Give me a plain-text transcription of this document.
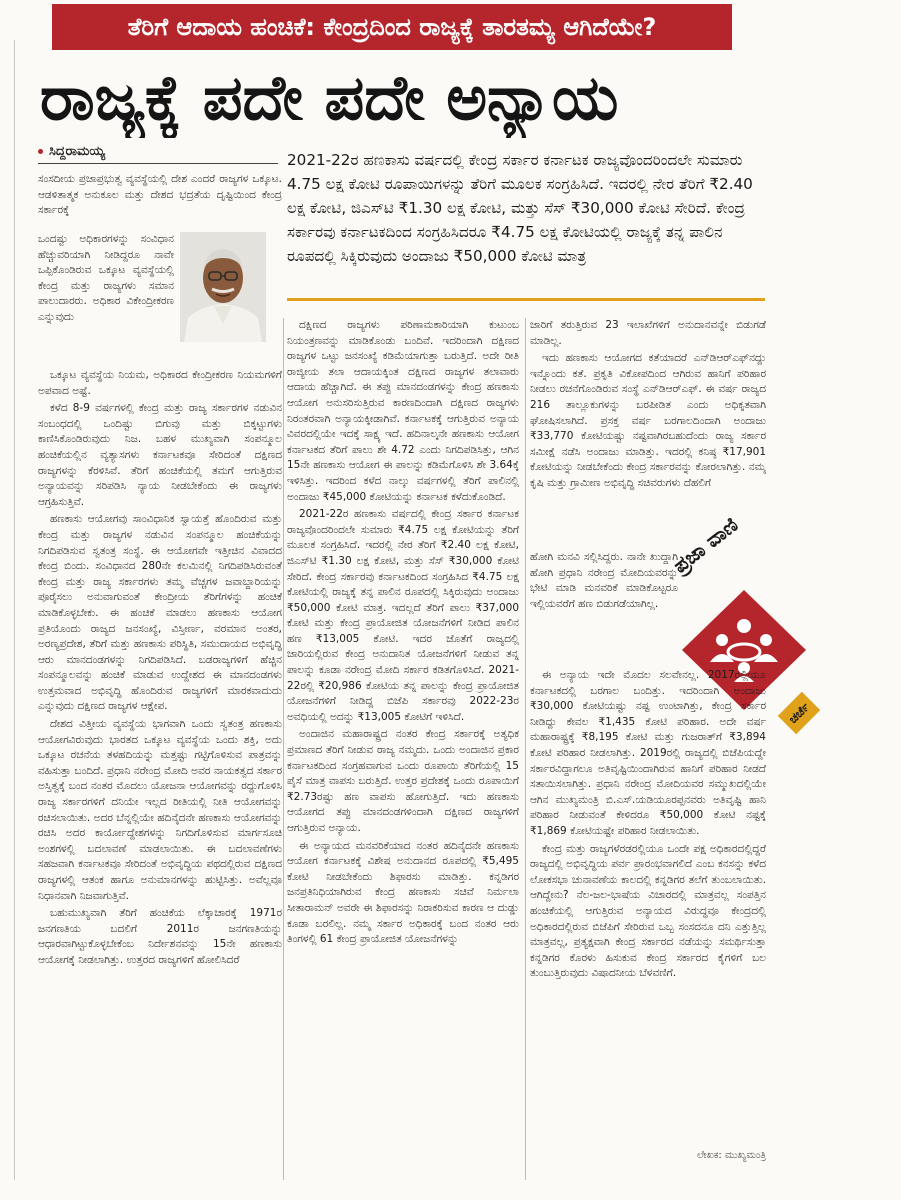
ತೆರಿಗೆ ಆದಾಯ ಹಂಚಿಕೆ: ಕೇಂದ್ರದಿಂದ ರಾಜ್ಯಕ್ಕೆ ತಾರತಮ್ಯ ಆಗಿದೆಯೇ?
ರಾಜ್ಯಕ್ಕೆ ಪದೇ ಪದೇ ಅನ್ಯಾಯ
ಸಿದ್ದರಾಮಯ್ಯ	2021-22ರ ಹಣಕಾಸು ವರ್ಷದಲ್ಲಿ ಕೇಂದ್ರ ಸರ್ಕಾರ ಕರ್ನಾಟಕ ರಾಜ್ಯವೊಂದರಿಂದಲೇ ಸುಮಾರು 4.75 ಲಕ್ಷ ಕೋಟಿ ರೂಪಾಯಿಗಳನ್ನು ತೆರಿಗೆ ಮೂಲಕ ಸಂಗ್ರಹಿಸಿದೆ. ಇದರಲ್ಲಿ ನೇರ ತೆರಿಗೆ ₹2.40 ಲಕ್ಷ ಕೋಟಿ, ಜಿಎಸ್‌ಟಿ ₹1.30 ಲಕ್ಷ ಕೋಟಿ, ಮತ್ತು ಸೆಸ್ ₹30,000 ಕೋಟಿ ಸೇರಿದೆ. ಕೇಂದ್ರ ಸರ್ಕಾರವು ಕರ್ನಾಟಕದಿಂದ ಸಂಗ್ರಹಿಸಿದರೂ ₹4.75 ಲಕ್ಷ ಕೋಟಿಯಲ್ಲಿ ರಾಜ್ಯಕ್ಕೆ ತನ್ನ ಪಾಲಿನ ರೂಪದಲ್ಲಿ ಸಿಕ್ಕಿರುವುದು ಅಂದಾಜು ₹50,000 ಕೋಟಿ ಮಾತ್ರ
ಸಂಸದೀಯ ಪ್ರಜಾಪ್ರಭುತ್ವ ವ್ಯವಸ್ಥೆಯಲ್ಲಿ ದೇಶ ಎಂದರೆ ರಾಜ್ಯಗಳ ಒಕ್ಕೂಟ. ಆಡಳಿತಾತ್ಮಕ ಅನುಕೂಲ ಮತ್ತು ದೇಶದ ಭದ್ರತೆಯ ದೃಷ್ಟಿಯಿಂದ ಕೇಂದ್ರ ಸರ್ಕಾರಕ್ಕೆ
ಒಂದಷ್ಟು ಅಧಿಕಾರಗಳನ್ನು ಸಂವಿಧಾನ ಹೆಚ್ಚುವರಿಯಾಗಿ ನೀಡಿದ್ದರೂ ನಾವೇ ಒಪ್ಪಿಕೊಂಡಿರುವ ಒಕ್ಕೂಟ ವ್ಯವಸ್ಥೆಯಲ್ಲಿ ಕೇಂದ್ರ ಮತ್ತು ರಾಜ್ಯಗಳು ಸಮಾನ ಪಾಲುದಾರರು. ಅಧಿಕಾರ ವಿಕೇಂದ್ರೀಕರಣ ಎನ್ನುವುದು

ಒಕ್ಕೂಟ ವ್ಯವಸ್ಥೆಯ ನಿಯಮ, ಅಧಿಕಾರದ ಕೇಂದ್ರೀಕರಣ ನಿಯಮಗಳಿಗೆ ಅಪವಾದ ಅಷ್ಟೆ.

ಕಳೆದ 8-9 ವರ್ಷಗಳಲ್ಲಿ ಕೇಂದ್ರ ಮತ್ತು ರಾಜ್ಯ ಸರ್ಕಾರಗಳ ನಡುವಿನ ಸಂಬಂಧದಲ್ಲಿ ಒಂದಿಷ್ಟು ಬಿಗುವು ಮತ್ತು ಬಿಕ್ಕಟ್ಟುಗಳು ಕಾಣಿಸಿಕೊಂಡಿರುವುದು ನಿಜ. ಬಹಳ ಮುಖ್ಯವಾಗಿ ಸಂಪನ್ಮೂಲ ಹಂಚಿಕೆಯಲ್ಲಿನ ವ್ಯತ್ಯಾಸಗಳು ಕರ್ನಾಟಕವೂ ಸೇರಿದಂತೆ ದಕ್ಷಿಣದ ರಾಜ್ಯಗಳನ್ನು ಕೆರಳಿಸಿವೆ. ತೆರಿಗೆ ಹಂಚಿಕೆಯಲ್ಲಿ ತಮಗೆ ಆಗುತ್ತಿರುವ ಅನ್ಯಾಯವನ್ನು ಸರಿಪಡಿಸಿ ನ್ಯಾಯ ನೀಡಬೇಕೆಂದು ಈ ರಾಜ್ಯಗಳು ಆಗ್ರಹಿಸುತ್ತಿವೆ.

ಹಣಕಾಸು ಆಯೋಗವು ಸಾಂವಿಧಾನಿಕ ಸ್ವಾಯತ್ತೆ ಹೊಂದಿರುವ ಮತ್ತು ಕೇಂದ್ರ ಮತ್ತು ರಾಜ್ಯಗಳ ನಡುವಿನ ಸಂಪನ್ಮೂಲ ಹಂಚಿಕೆಯನ್ನು ನಿಗದಿಪಡಿಸುವ ಸ್ವತಂತ್ರ ಸಂಸ್ಥೆ. ಈ ಆಯೋಗವೇ ಇತ್ತೀಚಿನ ವಿವಾದದ ಕೇಂದ್ರ ಬಿಂದು. ಸಂವಿಧಾನದ 280ನೇ ಕಲಮಿನಲ್ಲಿ ನಿಗದಿಪಡಿಸಿರುವಂತೆ ಕೇಂದ್ರ ಮತ್ತು ರಾಜ್ಯ ಸರ್ಕಾರಗಳು ತಮ್ಮ ವೆಚ್ಚಗಳ ಜವಾಬ್ದಾರಿಯನ್ನು ಪೂರೈಸಲು ಅನುವಾಗುವಂತೆ ಕೇಂದ್ರೀಯ ತೆರಿಗೆಗಳನ್ನು ಹಂಚಿಕೆ ಮಾಡಿಕೊಳ್ಳಬೇಕು. ಈ ಹಂಚಿಕೆ ಮಾಡಲು ಹಣಕಾಸು ಆಯೋಗ ಪ್ರತಿಯೊಂದು ರಾಜ್ಯದ ಜನಸಂಖ್ಯೆ, ವಿಸ್ತೀರ್ಣ, ವರಮಾನ ಅಂತರ, ಅರಣ್ಯಪ್ರದೇಶ, ತೆರಿಗೆ ಮತ್ತು ಹಣಕಾಸು ಪರಿಸ್ಥಿತಿ, ಸಮುದಾಯದ ಅಭಿವೃದ್ಧಿ ಆರು ಮಾನದಂಡಗಳನ್ನು ನಿಗದಿಪಡಿಸಿದೆ. ಬಡರಾಜ್ಯಗಳಿಗೆ ಹೆಚ್ಚಿನ ಸಂಪನ್ಮೂಲವನ್ನು ಹಂಚಿಕೆ ಮಾಡುವ ಉದ್ದೇಶದ ಈ ಮಾನದಂಡಗಳು ಉತ್ತಮವಾದ ಅಭಿವೃದ್ಧಿ ಹೊಂದಿರುವ ರಾಜ್ಯಗಳಿಗೆ ಮಾರಕವಾದುದು ಎನ್ನುವುದು ದಕ್ಷಿಣದ ರಾಜ್ಯಗಳ ಆಕ್ಷೇಪ.

ದೇಶದ ವಿತ್ತೀಯ ವ್ಯವಸ್ಥೆಯ ಭಾಗವಾಗಿ ಒಂದು ಸ್ವತಂತ್ರ ಹಣಕಾಸು ಆಯೋಗವಿರುವುದು ಭಾರತದ ಒಕ್ಕೂಟ ವ್ಯವಸ್ಥೆಯ ಒಂದು ಶಕ್ತಿ, ಅದು ಒಕ್ಕೂಟ ರಚನೆಯ ತಳಹದಿಯನ್ನು ಮತ್ತಷ್ಟು ಗಟ್ಟಿಗೊಳಿಸುವ ಪಾತ್ರವನ್ನು ವಹಿಸುತ್ತಾ ಬಂದಿದೆ. ಪ್ರಧಾನಿ ನರೇಂದ್ರ ಮೋದಿ ಅವರ ನಾಯಕತ್ವದ ಸರ್ಕಾರ ಅಸ್ತಿತ್ವಕ್ಕೆ ಬಂದ ನಂತರ ಮೊದಲು ಯೋಜನಾ ಆಯೋಗವನ್ನು ರದ್ದುಗೊಳಿಸಿ ರಾಜ್ಯ ಸರ್ಕಾರಗಳಿಗೆ ದನಿಯೇ ಇಲ್ಲದ ರೀತಿಯಲ್ಲಿ ನೀತಿ ಆಯೋಗವನ್ನು ರಚಿಸಲಾಯಿತು. ಅದರ ಬೆನ್ನಲ್ಲಿಯೇ ಹದಿನೈದನೇ ಹಣಕಾಸು ಆಯೋಗವನ್ನು ರಚಿಸಿ ಅದರ ಕಾರ್ಯೋದ್ದೇಶಗಳನ್ನು ನಿಗದಿಗೊಳಿಸುವ ಮಾರ್ಗಸೂಚಿ ಅಂಶಗಳಲ್ಲಿ ಬದಲಾವಣೆ ಮಾಡಲಾಯಿತು. ಈ ಬದಲಾವಣೆಗಳು ಸಹಜವಾಗಿ ಕರ್ನಾಟಕವೂ ಸೇರಿದಂತೆ ಅಭಿವೃದ್ಧಿಯ ಪಥದಲ್ಲಿರುವ ದಕ್ಷಿಣದ ರಾಜ್ಯಗಳಲ್ಲಿ ಆತಂಕ ಹಾಗೂ ಅನುಮಾನಗಳನ್ನು ಹುಟ್ಟಿಸಿತ್ತು. ಅವೆಲ್ಲವೂ ನಿಧಾನವಾಗಿ ನಿಜವಾಗುತ್ತಿವೆ.

ಬಹುಮುಖ್ಯವಾಗಿ ತೆರಿಗೆ ಹಂಚಿಕೆಯ ಲೆಕ್ಕಾಚಾರಕ್ಕೆ 1971ರ ಜನಗಣತಿಯ ಬದಲಿಗೆ 2011ರ ಜನಗಣತಿಯನ್ನು ಆಧಾರವಾಗಿಟ್ಟುಕೊಳ್ಳಬೇಕೆಂಬ ನಿರ್ದೇಶನವನ್ನು 15ನೇ ಹಣಕಾಸು ಆಯೋಗಕ್ಕೆ ನೀಡಲಾಗಿತ್ತು. ಉತ್ತರದ ರಾಜ್ಯಗಳಿಗೆ ಹೋಲಿಸಿದರೆ

ದಕ್ಷಿಣದ ರಾಜ್ಯಗಳು ಪರಿಣಾಮಕಾರಿಯಾಗಿ ಕುಟುಂಬ ನಿಯಂತ್ರಣವನ್ನು ಮಾಡಿಕೊಂಡು ಬಂದಿವೆ. ಇದರಿಂದಾಗಿ ದಕ್ಷಿಣದ ರಾಜ್ಯಗಳ ಒಟ್ಟು ಜನಸಂಖ್ಯೆ ಕಡಿಮೆಯಾಗುತ್ತಾ ಬರುತ್ತಿದೆ. ಅದೇ ರೀತಿ ರಾಜ್ಯೀಯ ತಲಾ ಆದಾಯಕ್ಕಿಂತ ದಕ್ಷಿಣದ ರಾಜ್ಯಗಳ ತಲಾವಾರು ಆದಾಯ ಹೆಚ್ಚಾಗಿದೆ. ಈ ತಪ್ಪು ಮಾನದಂಡಗಳನ್ನು ಕೇಂದ್ರ ಹಣಕಾಸು ಆಯೋಗ ಅನುಸರಿಸುತ್ತಿರುವ ಕಾರಣದಿಂದಾಗಿ ದಕ್ಷಿಣದ ರಾಜ್ಯಗಳು ನಿರಂತರವಾಗಿ ಅನ್ಯಾಯಕ್ಕೀಡಾಗಿವೆ. ಕರ್ನಾಟಕಕ್ಕೆ ಆಗುತ್ತಿರುವ ಅನ್ಯಾಯ ವಿವರದಲ್ಲಿಯೇ ಇದಕ್ಕೆ ಸಾಕ್ಷ್ಯ ಇದೆ. ಹದಿನಾಲ್ಕನೇ ಹಣಕಾಸು ಆಯೋಗ ಕರ್ನಾಟಕದ ತೆರಿಗೆ ಪಾಲು ಶೇ 4.72 ಎಂದು ನಿಗದಿಪಡಿಸಿತ್ತು, ಆಗಿನ 15ನೇ ಹಣಕಾಸು ಆಯೋಗ ಈ ಪಾಲನ್ನು ಕಡಿಮೆಗೊಳಿಸಿ ಶೇ 3.64ಕ್ಕೆ ಇಳಿಸಿತ್ತು. ಇದರಿಂದ ಕಳೆದ ನಾಲ್ಕು ವರ್ಷಗಳಲ್ಲಿ ತೆರಿಗೆ ಪಾಲಿನಲ್ಲಿ ಅಂದಾಜು ₹45,000 ಕೋಟಿಯನ್ನು ಕರ್ನಾಟಕ ಕಳೆದುಕೊಂಡಿದೆ.

2021-22ರ ಹಣಕಾಸು ವರ್ಷದಲ್ಲಿ ಕೇಂದ್ರ ಸರ್ಕಾರ ಕರ್ನಾಟಕ ರಾಜ್ಯವೊಂದರಿಂದಲೇ ಸುಮಾರು ₹4.75 ಲಕ್ಷ ಕೋಟಿಯನ್ನು ತೆರಿಗೆ ಮೂಲಕ ಸಂಗ್ರಹಿಸಿದೆ. ಇದರಲ್ಲಿ ನೇರ ತೆರಿಗೆ ₹2.40 ಲಕ್ಷ ಕೋಟಿ, ಜಿಎಸ್‌ಟಿ ₹1.30 ಲಕ್ಷ ಕೋಟಿ, ಮತ್ತು ಸೆಸ್ ₹30,000 ಕೋಟಿ ಸೇರಿದೆ. ಕೇಂದ್ರ ಸರ್ಕಾರವು ಕರ್ನಾಟಕದಿಂದ ಸಂಗ್ರಹಿಸಿದ ₹4.75 ಲಕ್ಷ ಕೋಟಿಯಲ್ಲಿ ರಾಜ್ಯಕ್ಕೆ ತನ್ನ ಪಾಲಿನ ರೂಪದಲ್ಲಿ ಸಿಕ್ಕಿರುವುದು ಅಂದಾಜು ₹50,000 ಕೋಟಿ ಮಾತ್ರ. ಇದಲ್ಲದೆ ತೆರಿಗೆ ಪಾಲು ₹37,000 ಕೋಟಿ ಮತ್ತು ಕೇಂದ್ರ ಪ್ರಾಯೋಜಿತ ಯೋಜನೆಗಳಿಗೆ ನೀಡಿದ ಪಾಲಿನ ಹಣ ₹13,005 ಕೋಟಿ. ಇದರ ಜೊತೆಗೆ ರಾಜ್ಯದಲ್ಲಿ ಜಾರಿಯಲ್ಲಿರುವ ಕೇಂದ್ರ ಅನುದಾನಿತ ಯೋಜನೆಗಳಿಗೆ ನೀಡುವ ತನ್ನ ಪಾಲನ್ನು ಕೂಡಾ ನರೇಂದ್ರ ಮೋದಿ ಸರ್ಕಾರ ಕಡಿತಗೊಳಿಸಿದೆ. 2021-22ರಲ್ಲಿ ₹20,986 ಕೋಟಿಯ ತನ್ನ ಪಾಲನ್ನು ಕೇಂದ್ರ ಪ್ರಾಯೋಜಿತ ಯೋಜನೆಗಳಿಗೆ ನೀಡಿದ್ದ ಬಿಜೆಪಿ ಸರ್ಕಾರವು 2022-23ರ ಅವಧಿಯಲ್ಲಿ ಅದನ್ನು ₹13,005 ಕೋಟಿಗೆ ಇಳಿಸಿದೆ.

ಅಂದಾಜಿನ ಮಹಾರಾಷ್ಟ್ರದ ನಂತರ ಕೇಂದ್ರ ಸರ್ಕಾರಕ್ಕೆ ಅತ್ಯಧಿಕ ಪ್ರಮಾಣದ ತೆರಿಗೆ ನೀಡುವ ರಾಜ್ಯ ನಮ್ಮದು. ಒಂದು ಅಂದಾಜಿನ ಪ್ರಕಾರ ಕರ್ನಾಟಕದಿಂದ ಸಂಗ್ರಹವಾಗುವ ಒಂದು ರೂಪಾಯಿ ತೆರಿಗೆಯಲ್ಲಿ 15 ಪೈಸೆ ಮಾತ್ರ ವಾಪಸು ಬರುತ್ತಿದೆ. ಉತ್ತರ ಪ್ರದೇಶಕ್ಕೆ ಒಂದು ರೂಪಾಯಿಗೆ ₹2.73ರಷ್ಟು ಹಣ ವಾಪಸು ಹೋಗುತ್ತಿದೆ. ಇದು ಹಣಕಾಸು ಆಯೋಗದ ತಪ್ಪು ಮಾನದಂಡಗಳಿಂದಾಗಿ ದಕ್ಷಿಣದ ರಾಜ್ಯಗಳಿಗೆ ಆಗುತ್ತಿರುವ ಅನ್ಯಾಯ.

ಈ ಅನ್ಯಾಯದ ಮನವರಿಕೆಯಾದ ನಂತರ ಹದಿನೈದನೇ ಹಣಕಾಸು ಆಯೋಗ ಕರ್ನಾಟಕಕ್ಕೆ ವಿಶೇಷ ಅನುದಾನದ ರೂಪದಲ್ಲಿ ₹5,495 ಕೋಟಿ ನೀಡಬೇಕೆಂದು ಶಿಫಾರಸು ಮಾಡಿತ್ತು. ಕನ್ನಡಿಗರ ಜನಪ್ರತಿನಿಧಿಯಾಗಿರುವ ಕೇಂದ್ರ ಹಣಕಾಸು ಸಚಿವೆ ನಿರ್ಮಲಾ ಸೀತಾರಾಮನ್ ಅವರೇ ಈ ಶಿಫಾರಸನ್ನು ನಿರಾಕರಿಸುವ ಕಾರಣ ಆ ದುಡ್ಡು ಕೂಡಾ ಬರಲಿಲ್ಲ. ನಮ್ಮ ಸರ್ಕಾರ ಅಧಿಕಾರಕ್ಕೆ ಬಂದ ನಂತರ ಆರು ತಿಂಗಳಲ್ಲಿ 61 ಕೇಂದ್ರ ಪ್ರಾಯೋಜಿತ ಯೋಜನೆಗಳನ್ನು

ಜಾರಿಗೆ ತರುತ್ತಿರುವ 23 ಇಲಾಖೆಗಳಿಗೆ ಅನುದಾನವನ್ನೇ ಬಿಡುಗಡೆ ಮಾಡಿಲ್ಲ.

ಇದು ಹಣಕಾಸು ಆಯೋಗದ ಕತೆಯಾದರೆ ಎನ್‌ಡಿಆರ್‌ಎಫ್‌ನದ್ದು ಇನ್ನೊಂದು ಕತೆ. ಪ್ರಕೃತಿ ವಿಕೋಪದಿಂದ ಆಗಿರುವ ಹಾನಿಗೆ ಪರಿಹಾರ ನೀಡಲು ರಚನೆಗೊಂಡಿರುವ ಸಂಸ್ಥೆ ಎನ್‌ಡಿಆರ್‌ಎಫ್. ಈ ವರ್ಷ ರಾಜ್ಯದ 216 ತಾಲ್ಲೂಕುಗಳನ್ನು ಬರಪೀಡಿತ ಎಂದು ಅಧಿಕೃತವಾಗಿ ಘೋಷಿಸಲಾಗಿದೆ. ಪ್ರಸಕ್ತ ವರ್ಷ ಬರಗಾಲದಿಂದಾಗಿ ಅಂದಾಜು ₹33,770 ಕೋಟಿಯಷ್ಟು ನಷ್ಟವಾಗಿರಬಹುದೆಂದು ರಾಜ್ಯ ಸರ್ಕಾರ ಸಮೀಕ್ಷೆ ನಡೆಸಿ ಅಂದಾಜು ಮಾಡಿತ್ತು. ಇದರಲ್ಲಿ ಕನಿಷ್ಠ ₹17,901 ಕೋಟಿಯನ್ನು ನೀಡಬೇಕೆಂದು ಕೇಂದ್ರ ಸರ್ಕಾರವನ್ನು ಕೋರಲಾಗಿತ್ತು. ನಮ್ಮ ಕೃಷಿ ಮತ್ತು ಗ್ರಾಮೀಣ ಅಭಿವೃದ್ಧಿ ಸಚಿವರುಗಳು ದೆಹಲಿಗೆ

ಹೋಗಿ ಮನವಿ ಸಲ್ಲಿಸಿದ್ದರು. ನಾನೇ ಖುದ್ದಾಗಿ ಹೋಗಿ ಪ್ರಧಾನಿ ನರೇಂದ್ರ ಮೋದಿಯವರನ್ನು ಭೇಟಿ ಮಾಡಿ ಮನವರಿಕೆ ಮಾಡಿಕೊಟ್ಟರೂ ಇಲ್ಲಿಯವರೆಗೆ ಹಣ ಬಿಡುಗಡೆಯಾಗಿಲ್ಲ.
ಪ್ರಜಾ ವಾಣಿ
ಚರ್ಚೆ

ಈ ಅನ್ಯಾಯ ಇದೇ ಮೊದಲ ಸಲವೇನಲ್ಲ. 2017ರಲ್ಲಿಯೂ ಕರ್ನಾಟಕದಲ್ಲಿ ಬರಗಾಲ ಬಂದಿತ್ತು. ಇದರಿಂದಾಗಿ ಅಂದಾಜು ₹30,000 ಕೋಟಿಯಷ್ಟು ನಷ್ಟ ಉಂಟಾಗಿತ್ತು, ಕೇಂದ್ರ ಸರ್ಕಾರ ನೀಡಿದ್ದು ಕೇವಲ ₹1,435 ಕೋಟಿ ಪರಿಹಾರ. ಅದೇ ವರ್ಷ ಮಹಾರಾಷ್ಟ್ರಕ್ಕೆ ₹8,195 ಕೋಟಿ ಮತ್ತು ಗುಜರಾತ್‌ಗೆ ₹3,894 ಕೋಟಿ ಪರಿಹಾರ ನೀಡಲಾಗಿತ್ತು. 2019ರಲ್ಲಿ ರಾಜ್ಯದಲ್ಲಿ ಬಿಜೆಪಿಯದ್ದೇ ಸರ್ಕಾರವಿದ್ದಾಗಲೂ ಅತಿವೃಷ್ಟಿಯಿಂದಾಗಿರುವ ಹಾನಿಗೆ ಪರಿಹಾರ ನೀಡದೆ ಸತಾಯಿಸಲಾಗಿತ್ತು. ಪ್ರಧಾನಿ ನರೇಂದ್ರ ಮೋದಿಯವರ ಸಮ್ಮುಖದಲ್ಲಿಯೇ ಆಗಿನ ಮುಖ್ಯಮಂತ್ರಿ ಬಿ.ಎಸ್.ಯಡಿಯೂರಪ್ಪನವರು ಅತಿವೃಷ್ಟಿ ಹಾನಿ ಪರಿಹಾರ ನೀಡುವಂತೆ ಕೇಳಿದರೂ ₹50,000 ಕೋಟಿ ನಷ್ಟಕ್ಕೆ ₹1,869 ಕೋಟಿಯಷ್ಟೇ ಪರಿಹಾರ ನೀಡಲಾಯಿತು.

ಕೇಂದ್ರ ಮತ್ತು ರಾಜ್ಯಗಳೆರಡರಲ್ಲಿಯೂ ಒಂದೇ ಪಕ್ಷ ಅಧಿಕಾರದಲ್ಲಿದ್ದರೆ ರಾಜ್ಯದಲ್ಲಿ ಅಭಿವೃದ್ಧಿಯ ಪರ್ವ ಪ್ರಾರಂಭವಾಗಲಿದೆ ಎಂಬ ಕನಸನ್ನು ಕಳೆದ ಲೋಕಸಭಾ ಚುನಾವಣೆಯ ಕಾಲದಲ್ಲಿ ಕನ್ನಡಿಗರ ತಲೆಗೆ ತುಂಬಲಾಯಿತು. ಆಗಿದ್ದೇನು? ನೆಲ-ಜಲ-ಭಾಷೆಯ ವಿಚಾರದಲ್ಲಿ ಮಾತ್ರವಲ್ಲ ಸಂಪತ್ತಿನ ಹಂಚಿಕೆಯಲ್ಲಿ ಆಗುತ್ತಿರುವ ಅನ್ಯಾಯದ ವಿರುದ್ಧವೂ ಕೇಂದ್ರದಲ್ಲಿ ಅಧಿಕಾರದಲ್ಲಿರುವ ಬಿಜೆಪಿಗೆ ಸೇರಿರುವ ಒಬ್ಬ ಸಂಸದನೂ ದನಿ ಎತ್ತುತ್ತಿಲ್ಲ ಮಾತ್ರವಲ್ಲ, ಪ್ರತ್ಯಕ್ಷವಾಗಿ ಕೇಂದ್ರ ಸರ್ಕಾರದ ನಡೆಯನ್ನು ಸಮರ್ಥಿಸುತ್ತಾ ಕನ್ನಡಿಗರ ಕೊರಳು ಹಿಸುಕುವ ಕೇಂದ್ರ ಸರ್ಕಾರದ ಕೈಗಳಿಗೆ ಬಲ ತುಂಬುತ್ತಿರುವುದು ವಿಷಾದನೀಯ ಬೆಳವಣಿಗೆ.

ಲೇಖಕ: ಮುಖ್ಯಮಂತ್ರಿ
